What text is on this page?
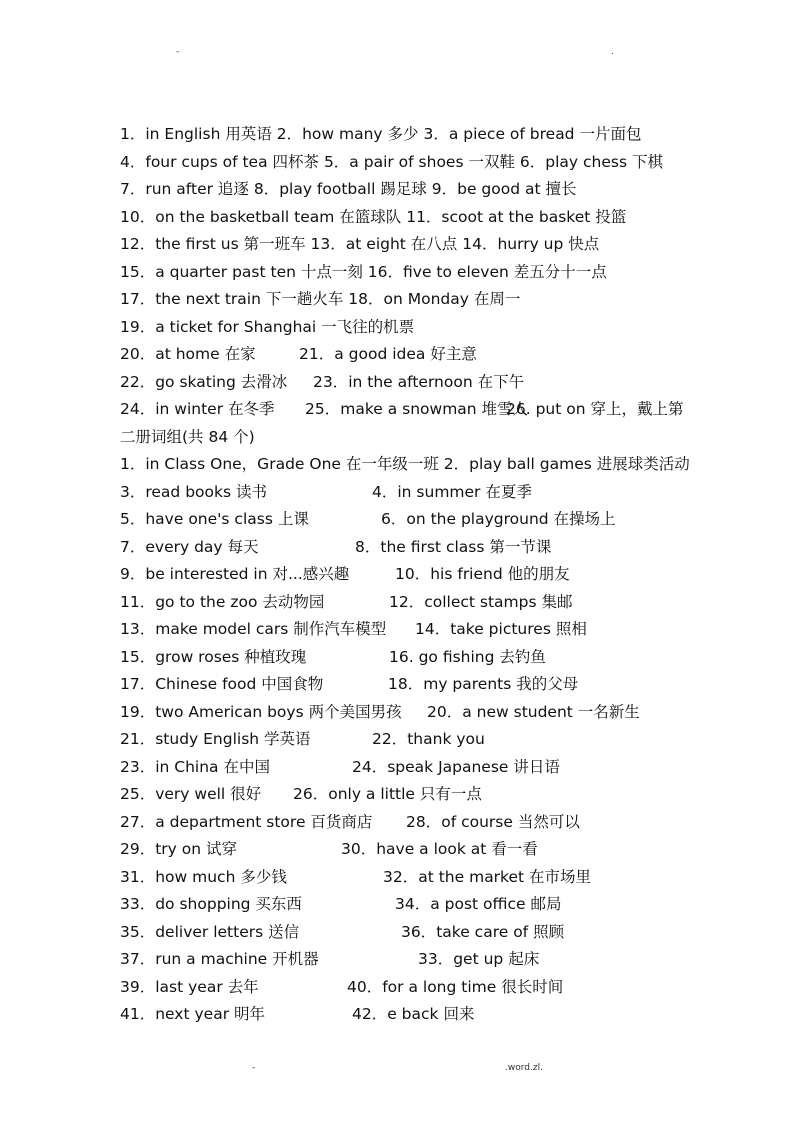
-	.
1．in English 用英语 2．how many 多少 3．a piece of bread 一片面包
4．four cups of tea 四杯茶 5．a pair of shoes 一双鞋 6．play chess 下棋
7．run after 追逐 8．play football 踢足球 9．be good at 擅长
10．on the basketball team 在篮球队 11．scoot at the basket 投篮
12．the first us 第一班车 13．at eight 在八点 14．hurry up 快点
15．a quarter past ten 十点一刻 16．five to eleven 差五分十一点
17．the next train 下一趟火车 18．on Monday 在周一
19．a ticket for Shanghai 一飞往的机票
20．at home 在家	21．a good idea 好主意
22．go skating 去滑冰 23．in the afternoon 在下午
24．in winter 在冬季 25．make a snowman 堆雪人
26. put on 穿上，戴上第
二册词组(共 84 个)
1．in Class One，Grade One 在一年级一班 2．play ball games 进展球类活动
3．read books 读书	4．in summer 在夏季
5．have one's class 上课	6．on the playground 在操场上
7．every day 每天	8．the first class 第一节课
9．be interested in 对...感兴趣	10．his friend 他的朋友
11．go to the zoo 去动物园	12．collect stamps 集邮
13．make model cars 制作汽车模型 14．take pictures 照相
15．grow roses 种植玫瑰	16. go fishing 去钓鱼
17．Chinese food 中国食物	18．my parents 我的父母
19．two American boys 两个美国男孩 20．a new student 一名新生
21．study English 学英语	22．thank you
23．in China 在中国	24．speak Japanese 讲日语
25．very well 很好 26．only a little 只有一点
27．a department store 百货商店 28．of course 当然可以
29．try on 试穿	30．have a look at 看一看
31．how much 多少钱	32．at the market 在市场里
33．do shopping 买东西	34．a post office 邮局
35．deliver letters 送信	36．take care of 照顾
37．run a machine 开机器	33．get up 起床
39．last year 去年	40．for a long time 很长时间
41．next year 明年	42．e back 回来
-	.word.zl.
